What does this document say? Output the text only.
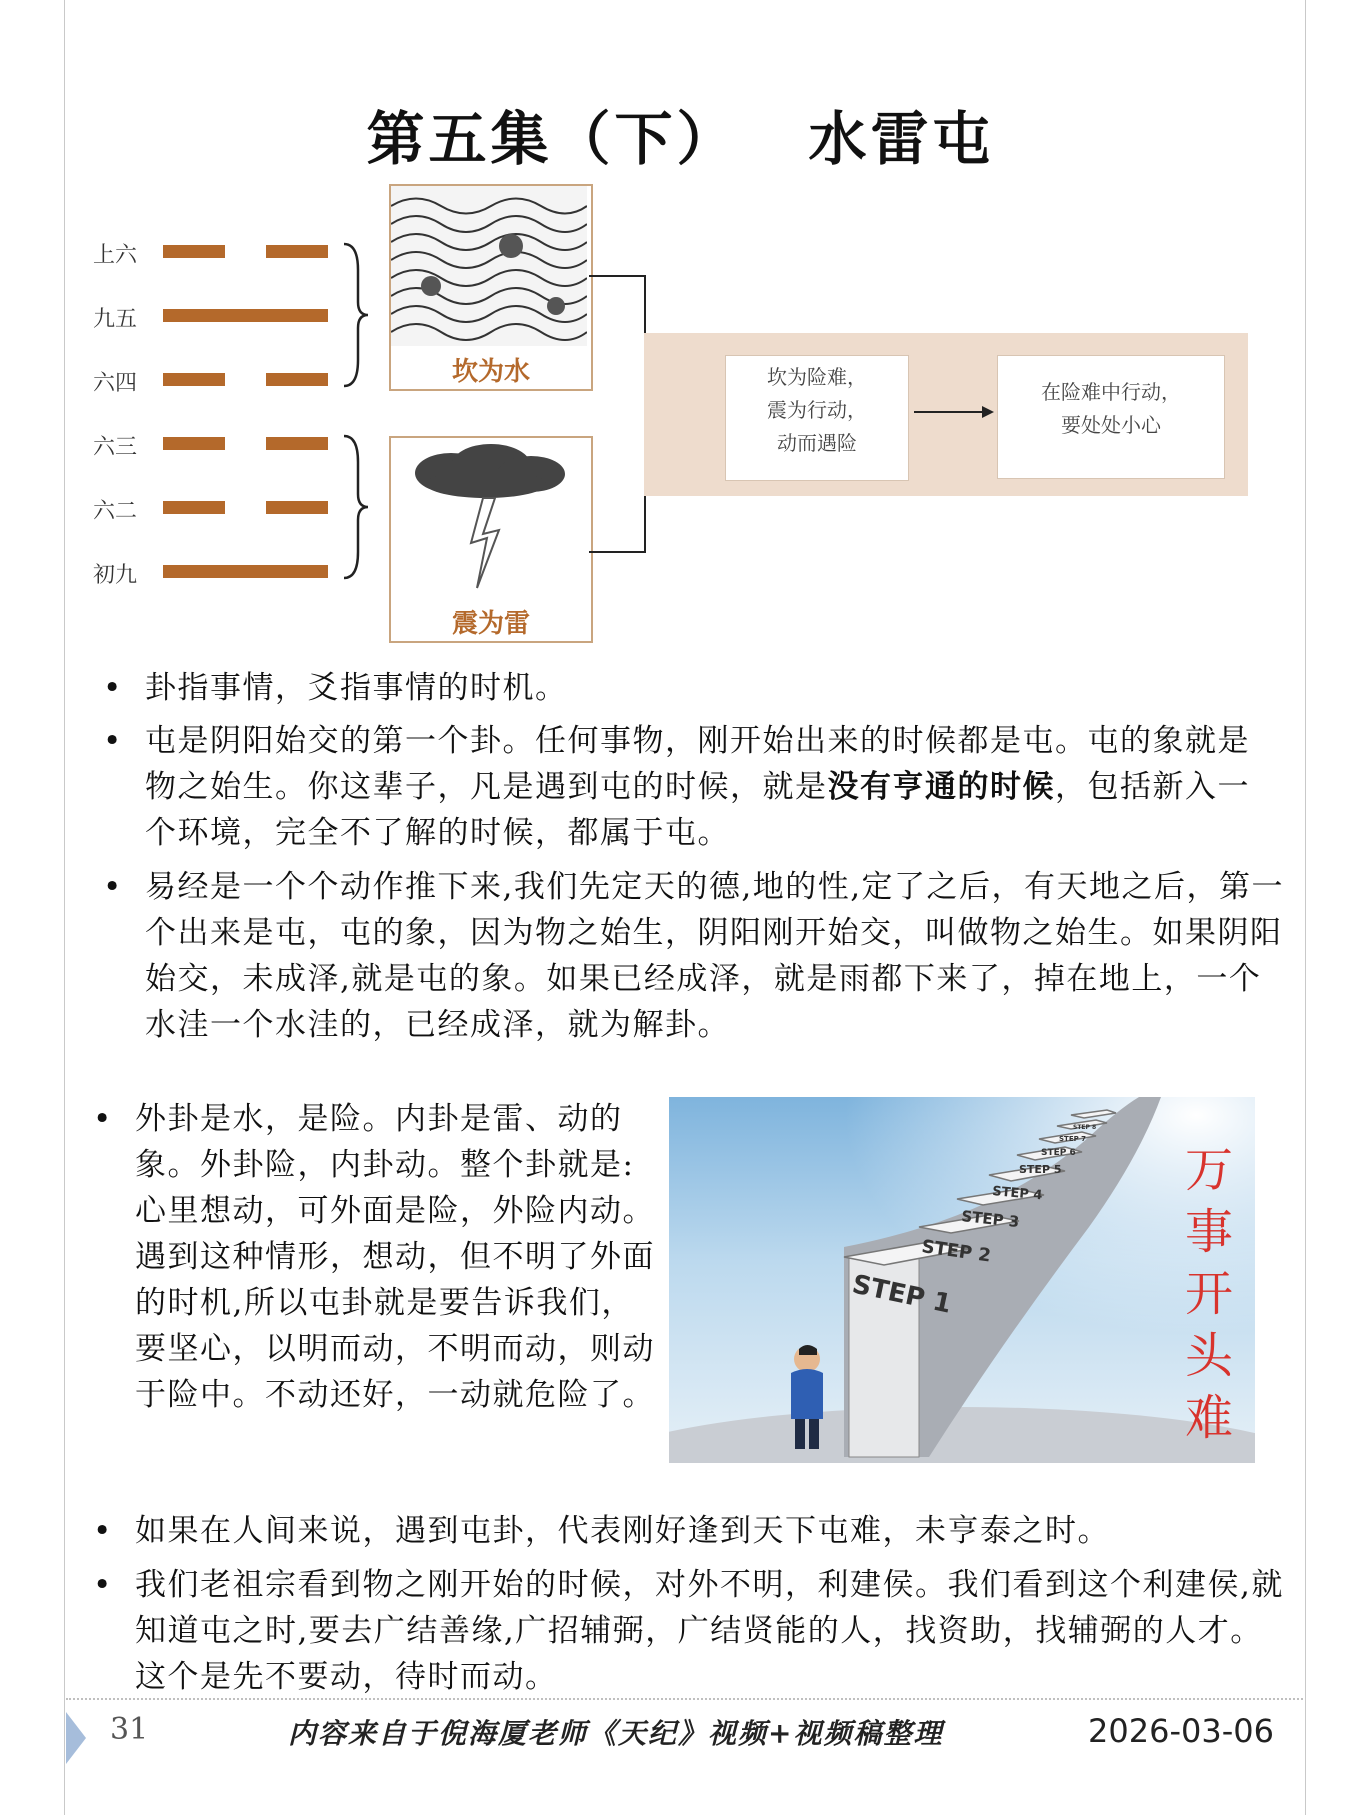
第五集（下） 水雷屯
上六
九五
六四
六三
六二
初九
坎为水
震为雷
坎为险难，
震为行动，
动而遇险
在险难中行动，
要处处小心
• 卦指事情，爻指事情的时机。
• 屯是阴阳始交的第一个卦。任何事物，刚开始出来的时候都是屯。屯的象就是物之始生。你这辈子，凡是遇到屯的时候，就是没有亨通的时候，包括新入一个环境，完全不了解的时候，都属于屯。
• 易经是一个个动作推下来,我们先定天的德,地的性,定了之后，有天地之后，第一个出来是屯，屯的象，因为物之始生，阴阳刚开始交，叫做物之始生。如果阴阳始交，未成泽,就是屯的象。如果已经成泽，就是雨都下来了，掉在地上，一个水洼一个水洼的，已经成泽，就为解卦。
• 外卦是水，是险。内卦是雷、动的象。外卦险，内卦动。整个卦就是:心里想动，可外面是险，外险内动。遇到这种情形，想动，但不明了外面的时机,所以屯卦就是要告诉我们，要坚心，以明而动，不明而动，则动于险中。不动还好，一动就危险了。
STEP 1
STEP 2
STEP 3
STEP 4
STEP 5
STEP 6
STEP 7
STEP 8
万事开头难
• 如果在人间来说，遇到屯卦，代表刚好逢到天下屯难，未亨泰之时。
• 我们老祖宗看到物之刚开始的时候，对外不明，利建侯。我们看到这个利建侯,就知道屯之时,要去广结善缘,广招辅弼，广结贤能的人，找资助，找辅弼的人才。这个是先不要动，待时而动。
31	内容来自于倪海厦老师《天纪》视频+视频稿整理	2026-03-06
